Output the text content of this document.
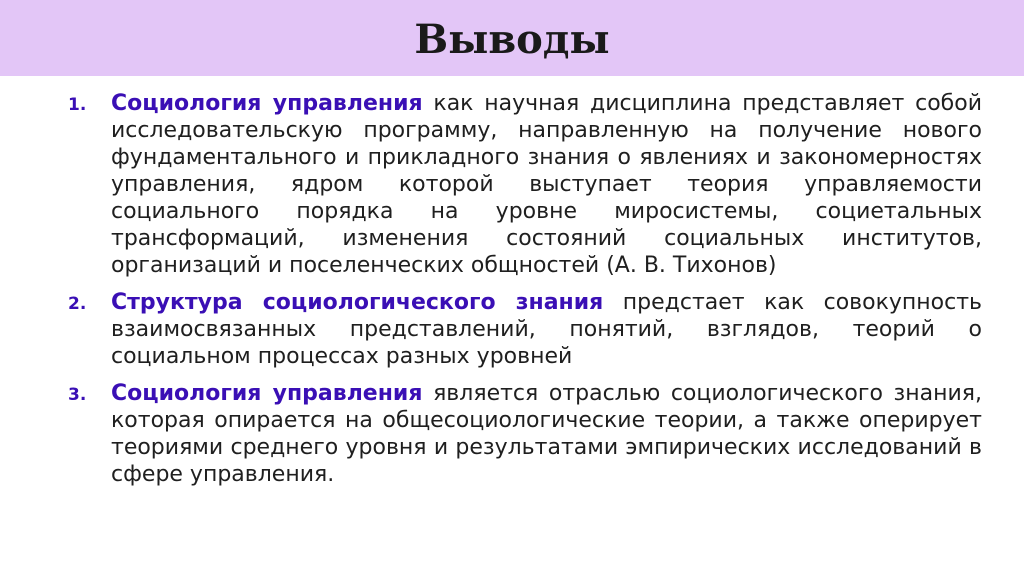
Выводы
1. Социология управления как научная дисциплина представляет собой исследовательскую программу, направленную на получение нового фундаментального и прикладного знания о явлениях и закономерностях управления, ядром которой выступает теория управляемости социального порядка на уровне миросистемы, социетальных трансформаций, изменения состояний социальных институтов, организаций и поселенческих общностей (А. В. Тихонов)

2. Структура социологического знания предстает как совокупность взаимосвязанных представлений, понятий, взглядов, теорий о социальном процессах разных уровней

3. Социология управления является отраслью социологического знания, которая опирается на общесоциологические теории, а также оперирует теориями среднего уровня и результатами эмпирических исследований в сфере управления.
